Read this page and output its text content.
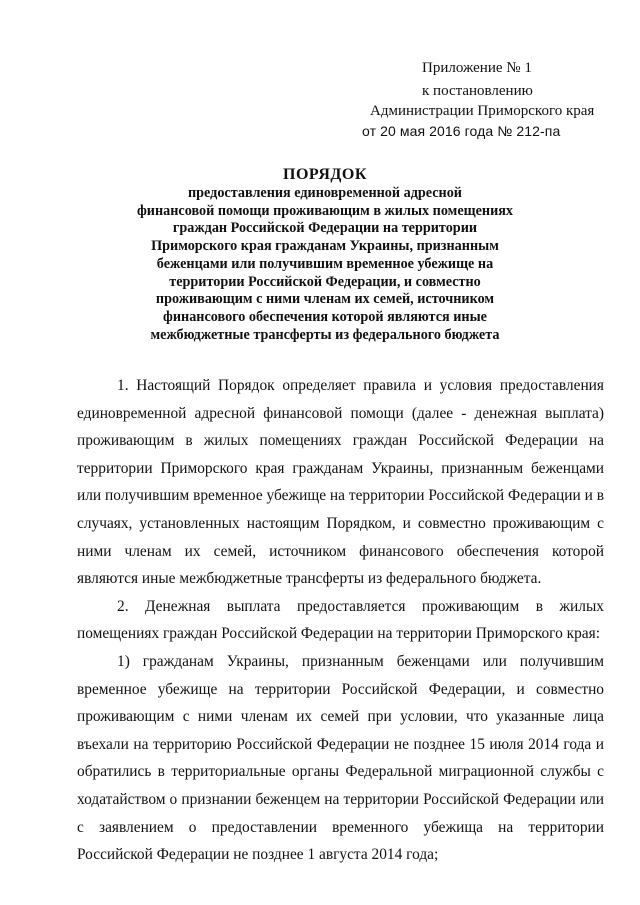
Приложение № 1
к постановлению
Администрации Приморского края
от 20 мая 2016 года № 212-па
ПОРЯДОК
предоставления единовременной адресной
финансовой помощи проживающим в жилых помещениях
граждан Российской Федерации на территории
Приморского края гражданам Украины, признанным
беженцами или получившим временное убежище на
территории Российской Федерации, и совместно
проживающим с ними членам их семей, источником
финансового обеспечения которой являются иные
межбюджетные трансферты из федерального бюджета

1. Настоящий Порядок определяет правила и условия предоставления единовременной адресной финансовой помощи (далее - денежная выплата) проживающим в жилых помещениях граждан Российской Федерации на территории Приморского края гражданам Украины, признанным беженцами или получившим временное убежище на территории Российской Федерации и в случаях, установленных настоящим Порядком, и совместно проживающим с ними членам их семей, источником финансового обеспечения которой являются иные межбюджетные трансферты из федерального бюджета.

2. Денежная выплата предоставляется проживающим в жилых помещениях граждан Российской Федерации на территории Приморского края:

1) гражданам Украины, признанным беженцами или получившим временное убежище на территории Российской Федерации, и совместно проживающим с ними членам их семей при условии, что указанные лица въехали на территорию Российской Федерации не позднее 15 июля 2014 года и обратились в территориальные органы Федеральной миграционной службы с ходатайством о признании беженцем на территории Российской Федерации или с заявлением о предоставлении временного убежища на территории Российской Федерации не позднее 1 августа 2014 года;
